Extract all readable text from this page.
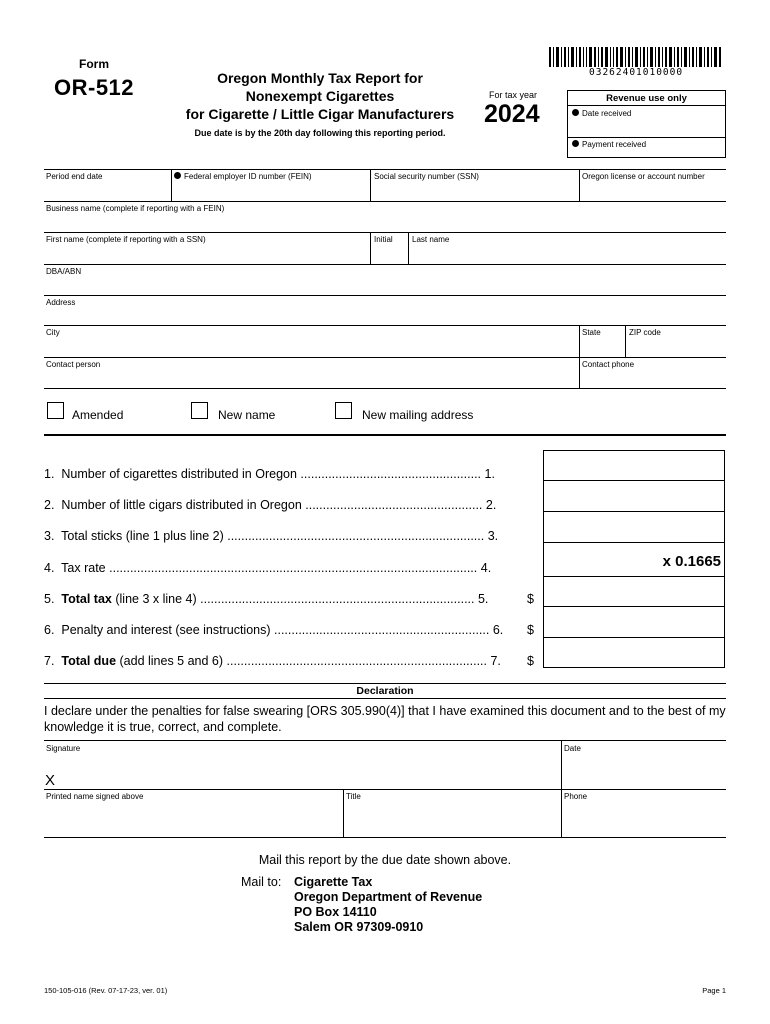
Form
OR-512	Oregon Monthly Tax Report for
Nonexempt Cigarettes
for Cigarette / Little Cigar Manufacturers
Due date is by the 20th day following this reporting period.
For tax year
2024
03262401010000
Revenue use only
Date received
Payment received
Period end date	Federal employer ID number (FEIN)	Social security number (SSN)	Oregon license or account number
Business name (complete if reporting with a FEIN)
First name (complete if reporting with a SSN)	Initial Last name
DBA/ABN
Address
City	State	ZIP code
Contact person	Contact phone
Amended	New name	New mailing address
1. Number of cigarettes distributed in Oregon .................................................... 1.
2. Number of little cigars distributed in Oregon ................................................... 2.
3. Total sticks (line 1 plus line 2) .......................................................................... 3.
4. Tax rate .......................................................................................................... 4.	x 0.1665
5. Total tax (line 3 x line 4) ............................................................................... 5.	$
6. Penalty and interest (see instructions) .............................................................. 6. $
7. Total due (add lines 5 and 6) ........................................................................... 7. $
Declaration
I declare under the penalties for false swearing [ORS 305.990(4)] that I have examined this document and to the best of my knowledge it is true, correct, and complete.
Signature
X
Date
Printed name signed above	Title	Phone
Mail this report by the due date shown above.
Mail to: Cigarette Tax
Oregon Department of Revenue
PO Box 14110
Salem OR 97309-0910
150-105-016 (Rev. 07-17-23, ver. 01)	Page 1
